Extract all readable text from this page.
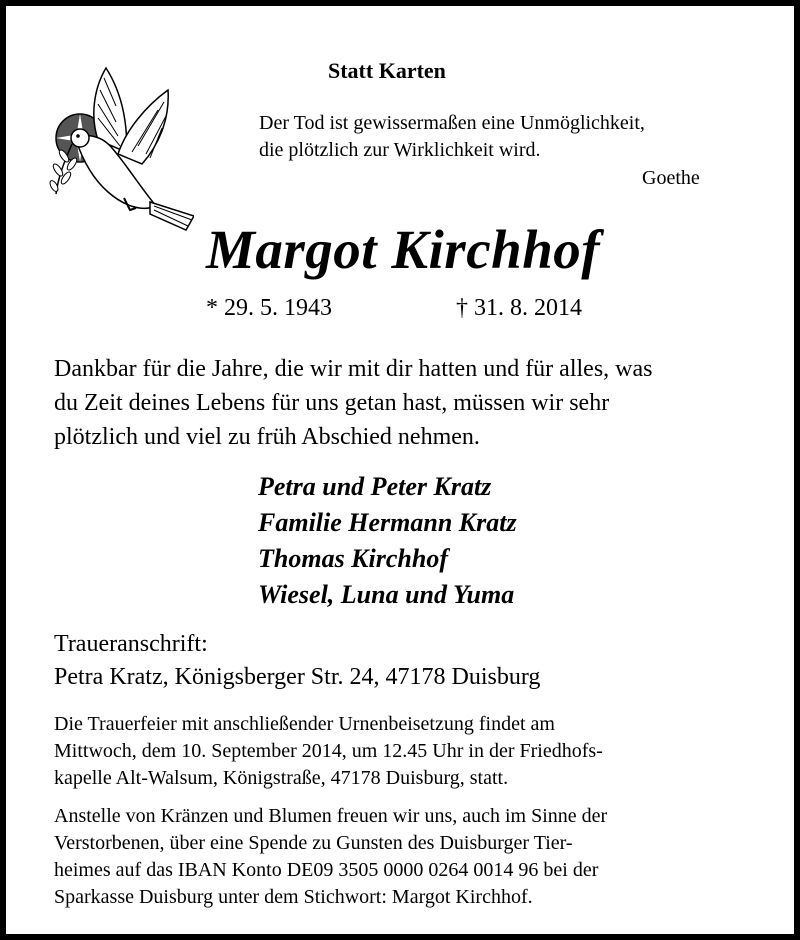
Statt Karten
Der Tod ist gewissermaßen eine Unmöglichkeit,
die plötzlich zur Wirklichkeit wird.
Goethe
Margot Kirchhof
* 29. 5. 1943	† 31. 8. 2014
Dankbar für die Jahre, die wir mit dir hatten und für alles, was
du Zeit deines Lebens für uns getan hast, müssen wir sehr
plötzlich und viel zu früh Abschied nehmen.
Petra und Peter Kratz
Familie Hermann Kratz
Thomas Kirchhof
Wiesel, Luna und Yuma
Traueranschrift:
Petra Kratz, Königsberger Str. 24, 47178 Duisburg
Die Trauerfeier mit anschließender Urnenbeisetzung findet am
Mittwoch, dem 10. September 2014, um 12.45 Uhr in der Friedhofs-
kapelle Alt-Walsum, Königstraße, 47178 Duisburg, statt.
Anstelle von Kränzen und Blumen freuen wir uns, auch im Sinne der
Verstorbenen, über eine Spende zu Gunsten des Duisburger Tier-
heimes auf das IBAN Konto DE09 3505 0000 0264 0014 96 bei der
Sparkasse Duisburg unter dem Stichwort: Margot Kirchhof.
